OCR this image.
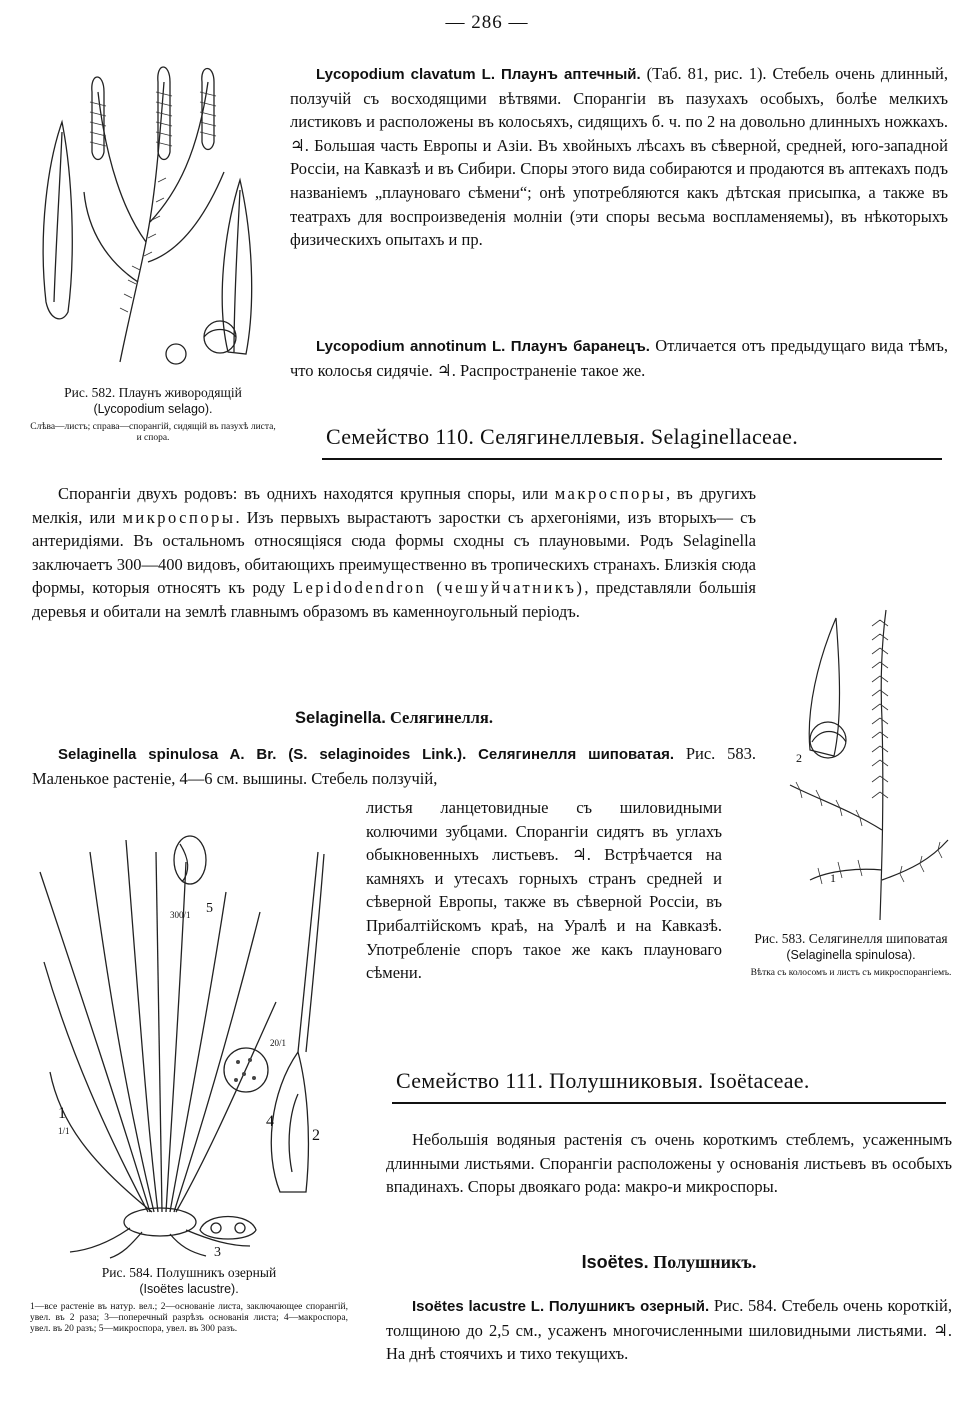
— 286 —
Рис. 582. Плаунъ живородящій
(Lycopodium selago).
Слѣва—листъ; справа—спорангій, сидящій въ пазухѣ листа, и спора.
Lycopodium clavatum L. Плаунъ аптечный. (Таб. 81, рис. 1). Стебель очень длинный, ползучій съ восходящими вѣтвями. Спорангіи въ пазухахъ особыхъ, болѣе мелкихъ листиковъ и расположены въ колосьяхъ, сидящихъ б. ч. по 2 на довольно длинныхъ ножкахъ. ♃. Большая часть Европы и Азіи. Въ хвойныхъ лѣсахъ въ сѣверной, средней, юго-западной Россіи, на Кавказѣ и въ Сибири. Споры этого вида собираются и продаются въ аптекахъ подъ названіемъ „плаунoваго сѣмени“; онѣ употребляются какъ дѣтская присыпка, а также въ театрахъ для воспроизведенія молніи (эти споры весьма воспламеняемы), въ нѣкоторыхъ физическихъ опытахъ и пр.
Lycopodium annotinum L. Плаунъ баранецъ. Отличается отъ предыдущаго вида тѣмъ, что колосья сидячіе. ♃. Распространеніе такое же.
Семейство 110. Селягинеллевыя. Selaginellaceae.
Спорангіи двухъ родовъ: въ однихъ находятся крупныя споры, или макроспоры, въ другихъ мелкія, или микроспоры. Изъ первыхъ вырастаютъ заростки съ архегоніями, изъ вторыхъ— съ антеридіями. Въ остальномъ относящіяся сюда формы сходны съ плауновыми. Родъ Selaginella заключаетъ 300—400 видовъ, обитающихъ преимущественно въ тропическихъ странахъ. Близкія сюда формы, которыя относятъ къ роду Lepidodendron (чешуйчатникъ), представляли большія деревья и обитали на землѣ главнымъ образомъ въ каменноугольный періодъ.
2
1
Рис. 583. Селягинелля шиповатая
(Selaginella spinulosa).
Вѣтка съ колосомъ и листъ съ микроспорангіемъ.
Selaginella. Селягинелля.
Selaginella spinulosa A. Br. (S. selaginoides Link.). Селягинелля шиповатая. Рис. 583. Маленькое растеніе, 4—6 см. вышины. Стебель ползучій,
листья ланцетовидные съ шиловидными колючими зубцами. Спорангіи сидятъ въ углахъ обыкновенныхъ листьевъ. ♃. Встрѣчается на камняхъ и утесахъ горныхъ странъ средней и сѣверной Европы, также въ сѣверной Россіи, въ Прибалтійскомъ краѣ, на Уралѣ и на Кавказѣ. Употребленіе споръ такое же какъ плаунoваго сѣмени.
5
300/1
1
1/1
4
20/1
2
3
Рис. 584. Полушникъ озерный
(Isoëtes lacustre).
1—все растеніе въ натур. вел.; 2—основаніе листа, заключающее спорангій, увел. въ 2 раза; 3—поперечный разрѣзъ основанія листа; 4—макроспора, увел. въ 20 разъ; 5—микроспора, увел. въ 300 разъ.
Семейство 111. Полушниковыя. Isoëtaceae.
Небольшія водяныя растенія съ очень короткимъ стеблемъ, усаженнымъ длинными листьями. Спорангіи расположены у основанія листьевъ въ особыхъ впадинахъ. Споры двоякаго рода: макро-и микроспоры.
Isoëtes. Полушникъ.
Isoëtes lacustre L. Полушникъ озерный. Рис. 584. Стебель очень короткій, толщиною до 2,5 см., усаженъ многочисленными шиловидными листьями. ♃. На днѣ стоячихъ и тихо текущихъ.
